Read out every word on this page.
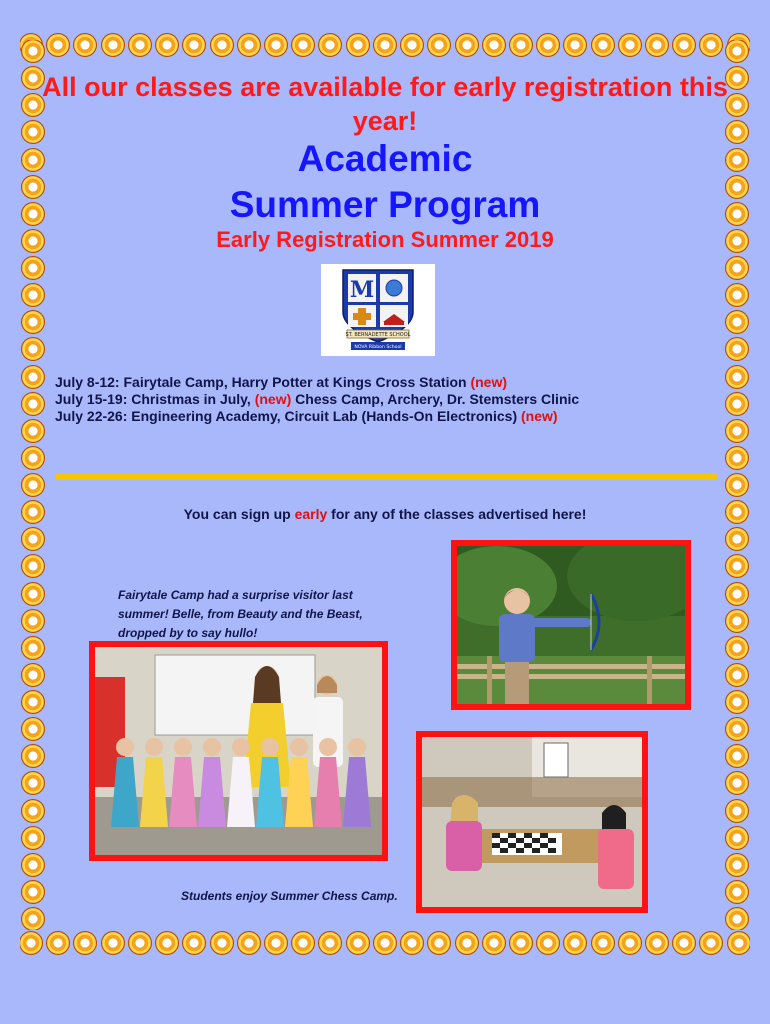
All our classes are available for early registration this year!
Academic
Summer Program
Early Registration Summer 2019
M
ST. BERNADETTE SCHOOL
NOVA Ribbon School
July 8-12: Fairytale Camp, Harry Potter at Kings Cross Station (new)
July 15-19: Christmas in July, (new) Chess Camp, Archery, Dr. Stemsters Clinic
July 22-26: Engineering Academy, Circuit Lab (Hands-On Electronics) (new)
You can sign up early for any of the classes advertised here!
Fairytale Camp had a surprise visitor last summer! Belle, from Beauty and the Beast, dropped by to say hullo!
Students enjoy Summer Chess Camp.
